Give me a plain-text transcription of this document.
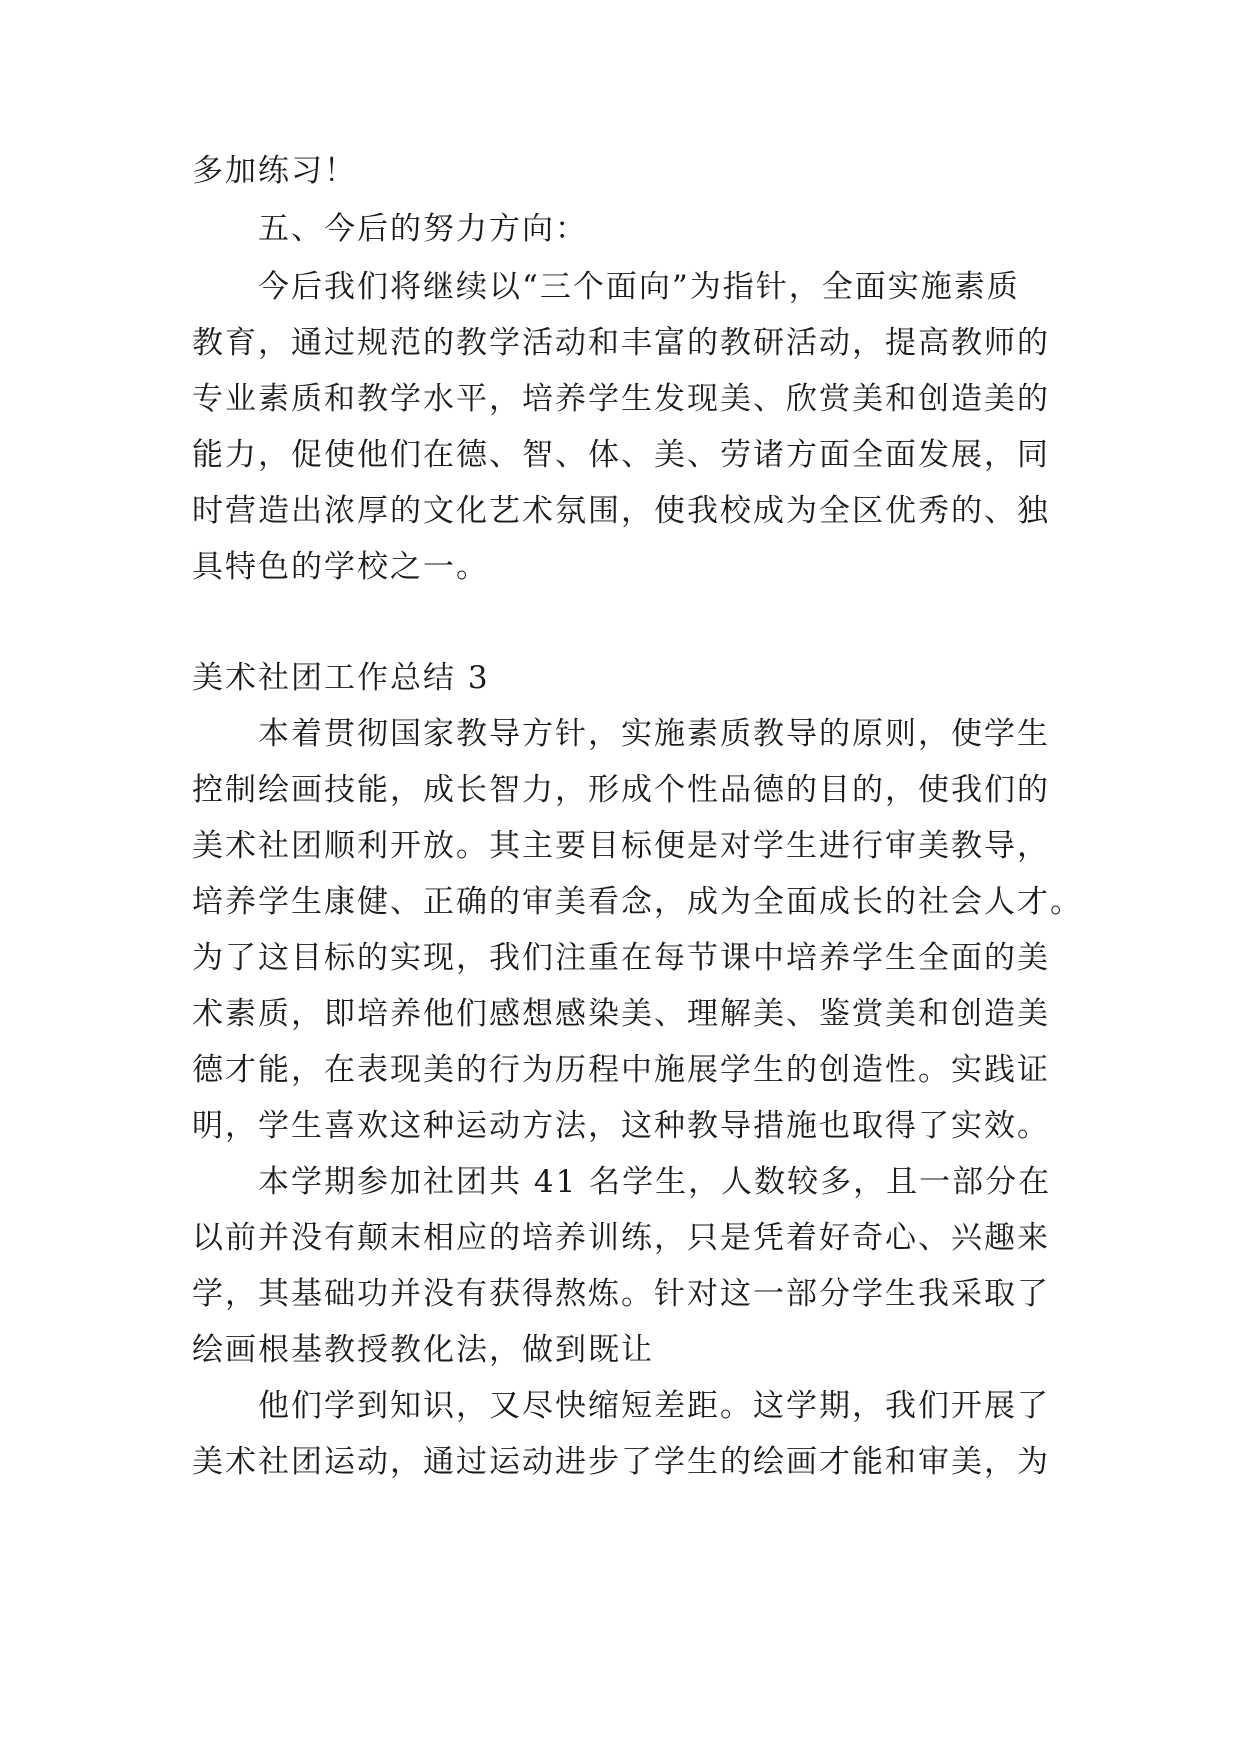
多加练习！
五、今后的努力方向：
今后我们将继续以“三个面向”为指针，全面实施素质
教育，通过规范的教学活动和丰富的教研活动，提高教师的
专业素质和教学水平，培养学生发现美、欣赏美和创造美的
能力，促使他们在德、智、体、美、劳诸方面全面发展，同
时营造出浓厚的文化艺术氛围，使我校成为全区优秀的、独
具特色的学校之一。
美术社团工作总结 3
本着贯彻国家教导方针，实施素质教导的原则，使学生
控制绘画技能，成长智力，形成个性品德的目的，使我们的
美术社团顺利开放。其主要目标便是对学生进行审美教导，
培养学生康健、正确的审美看念，成为全面成长的社会人才。
为了这目标的实现，我们注重在每节课中培养学生全面的美
术素质，即培养他们感想感染美、理解美、鉴赏美和创造美
德才能，在表现美的行为历程中施展学生的创造性。实践证
明，学生喜欢这种运动方法，这种教导措施也取得了实效。
本学期参加社团共 41 名学生，人数较多，且一部分在
以前并没有颠末相应的培养训练，只是凭着好奇心、兴趣来
学，其基础功并没有获得熬炼。针对这一部分学生我采取了
绘画根基教授教化法，做到既让
他们学到知识，又尽快缩短差距。这学期，我们开展了
美术社团运动，通过运动进步了学生的绘画才能和审美，为
